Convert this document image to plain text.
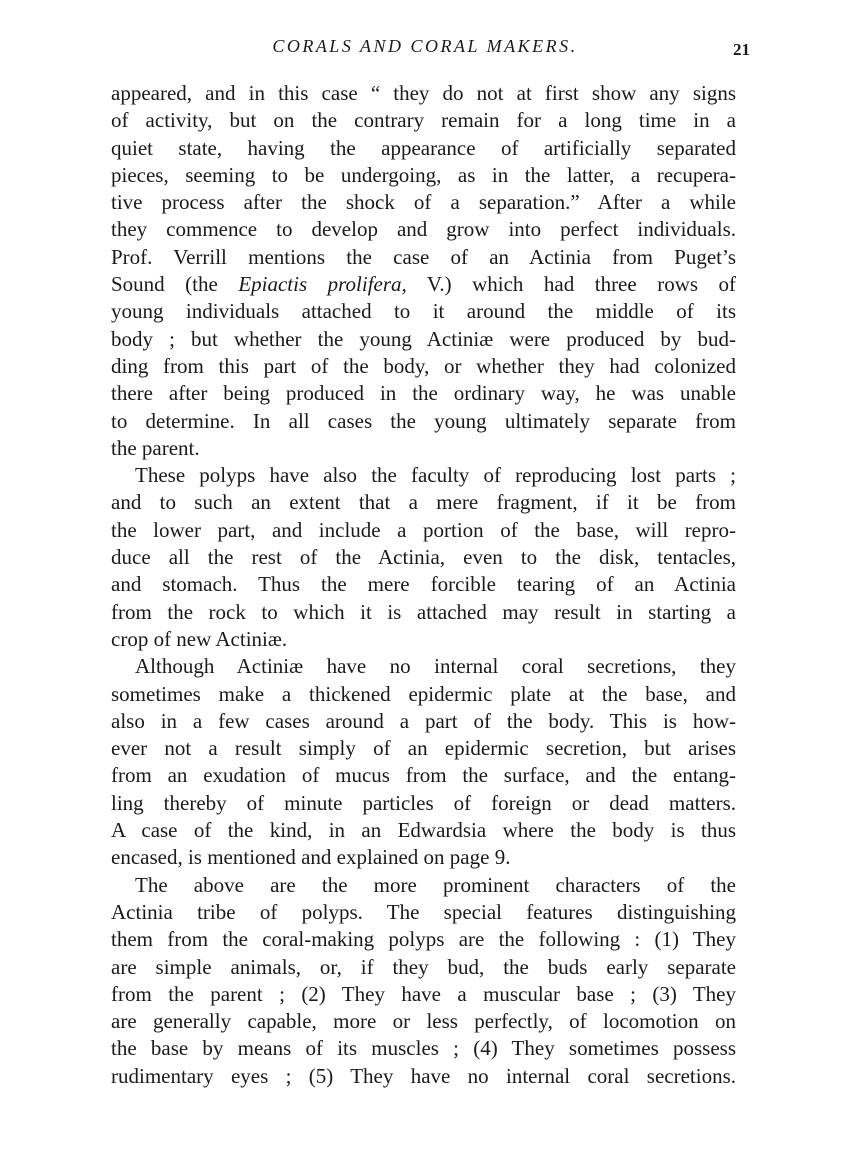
CORALS AND CORAL MAKERS.	21
appeared, and in this case “ they do not at first show any signs
of activity, but on the contrary remain for a long time in a
quiet state, having the appearance of artificially separated
pieces, seeming to be undergoing, as in the latter, a recupera-
tive process after the shock of a separation.” After a while
they commence to develop and grow into perfect individuals.
Prof. Verrill mentions the case of an Actinia from Puget’s
Sound (the Epiactis prolifera, V.) which had three rows of
young individuals attached to it around the middle of its
body ; but whether the young Actiniæ were produced by bud-
ding from this part of the body, or whether they had colonized
there after being produced in the ordinary way, he was unable
to determine. In all cases the young ultimately separate from
the parent.
These polyps have also the faculty of reproducing lost parts ;
and to such an extent that a mere fragment, if it be from
the lower part, and include a portion of the base, will repro-
duce all the rest of the Actinia, even to the disk, tentacles,
and stomach. Thus the mere forcible tearing of an Actinia
from the rock to which it is attached may result in starting a
crop of new Actiniæ.
Although Actiniæ have no internal coral secretions, they
sometimes make a thickened epidermic plate at the base, and
also in a few cases around a part of the body. This is how-
ever not a result simply of an epidermic secretion, but arises
from an exudation of mucus from the surface, and the entang-
ling thereby of minute particles of foreign or dead matters.
A case of the kind, in an Edwardsia where the body is thus
encased, is mentioned and explained on page 9.
The above are the more prominent characters of the
Actinia tribe of polyps. The special features distinguishing
them from the coral-making polyps are the following : (1) They
are simple animals, or, if they bud, the buds early separate
from the parent ; (2) They have a muscular base ; (3) They
are generally capable, more or less perfectly, of locomotion on
the base by means of its muscles ; (4) They sometimes possess
rudimentary eyes ; (5) They have no internal coral secretions.
